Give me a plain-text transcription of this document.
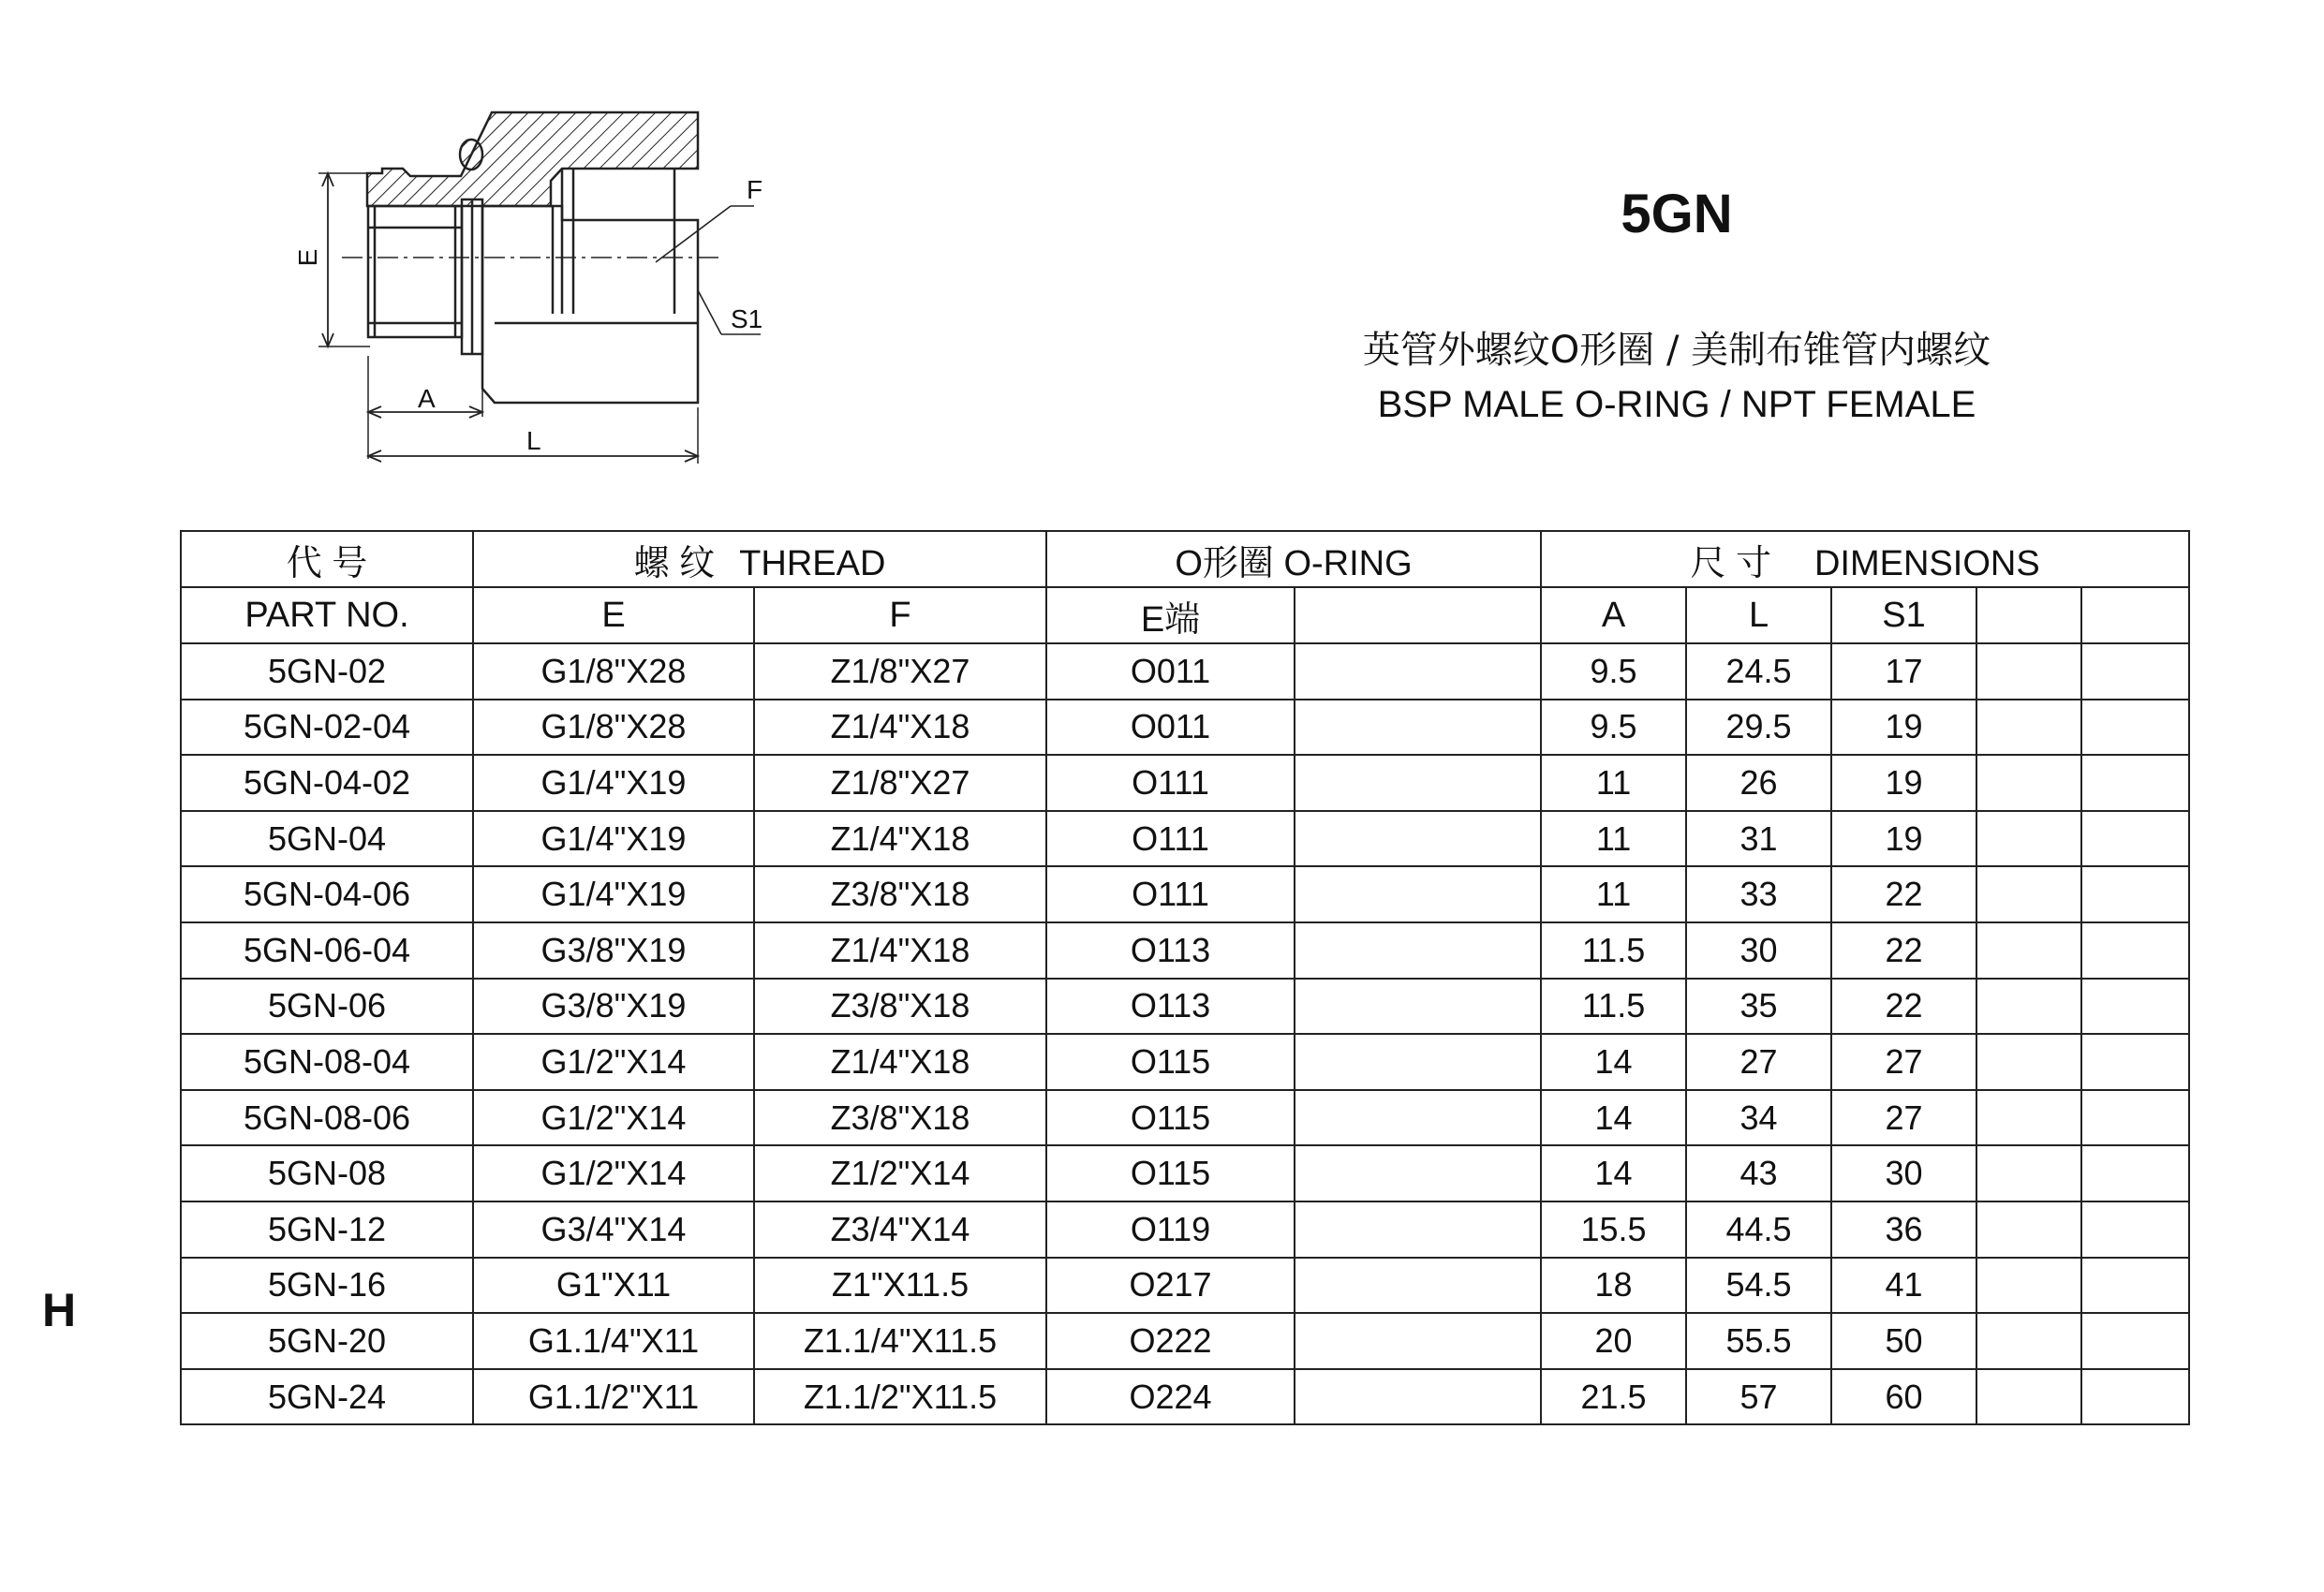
E
F
S1
A
L
5GN
英管外螺纹O形圈 / 美制布锥管内螺纹
BSP MALE O-RING / NPT FEMALE
代 号	螺 纹 THREAD		O形圈 O-RING		尺 寸 DIMENSIONS				
PART NO.	E	F	E端		A	L	S1		
5GN-02	G1/8"X28	Z1/8"X27	O011		9.5	24.5	17		
5GN-02-04	G1/8"X28	Z1/4"X18	O011		9.5	29.5	19		
5GN-04-02	G1/4"X19	Z1/8"X27	O111		11	26	19		
5GN-04	G1/4"X19	Z1/4"X18	O111		11	31	19		
5GN-04-06	G1/4"X19	Z3/8"X18	O111		11	33	22		
5GN-06-04	G3/8"X19	Z1/4"X18	O113		11.5	30	22		
5GN-06	G3/8"X19	Z3/8"X18	O113		11.5	35	22		
5GN-08-04	G1/2"X14	Z1/4"X18	O115		14	27	27		
5GN-08-06	G1/2"X14	Z3/8"X18	O115		14	34	27		
5GN-08	G1/2"X14	Z1/2"X14	O115		14	43	30		
5GN-12	G3/4"X14	Z3/4"X14	O119		15.5	44.5	36		
5GN-16	G1"X11	Z1"X11.5	O217		18	54.5	41		
5GN-20	G1.1/4"X11	Z1.1/4"X11.5	O222		20	55.5	50		
5GN-24	G1.1/2"X11	Z1.1/2"X11.5	O224		21.5	57	60		
H
